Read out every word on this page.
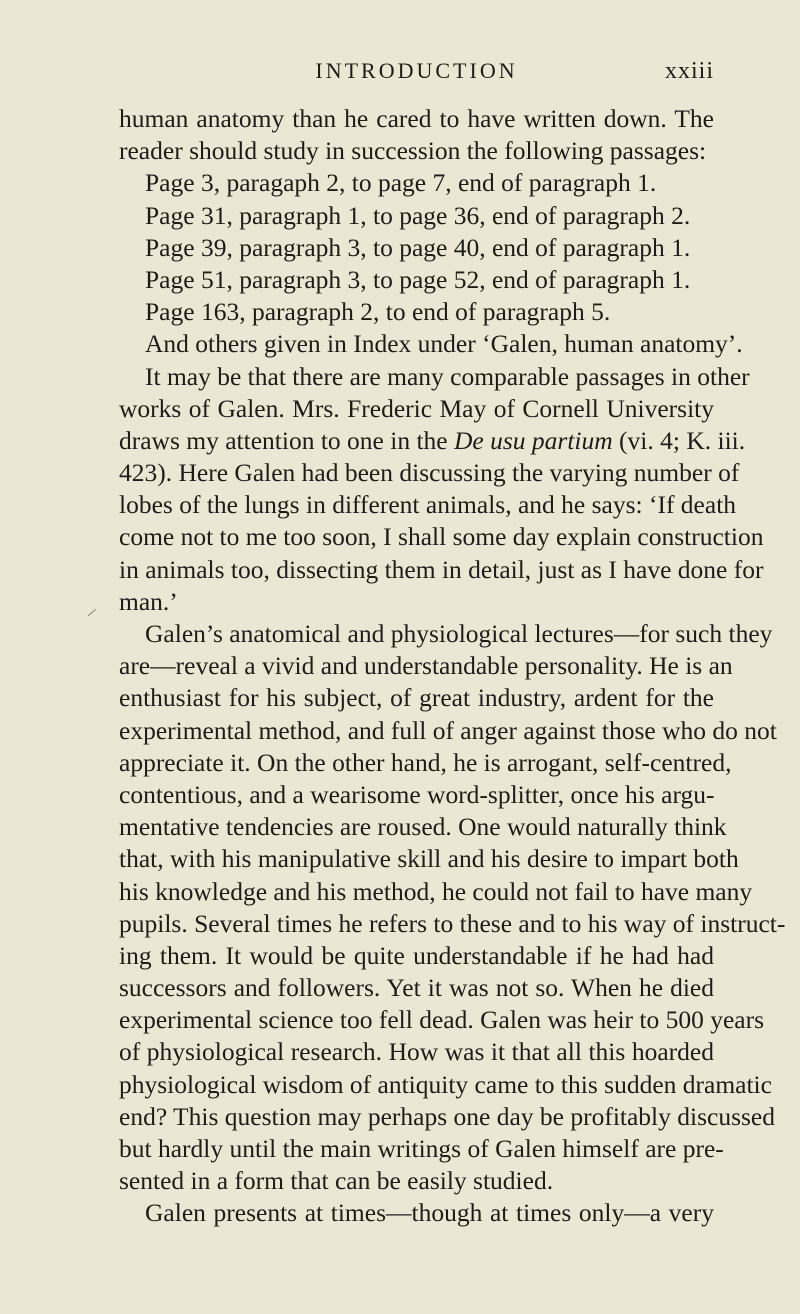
INTRODUCTION	xxiii
human anatomy than he cared to have written down. The
reader should study in succession the following passages:
Page 3, paragaph 2, to page 7, end of paragraph 1.
Page 31, paragraph 1, to page 36, end of paragraph 2.
Page 39, paragraph 3, to page 40, end of paragraph 1.
Page 51, paragraph 3, to page 52, end of paragraph 1.
Page 163, paragraph 2, to end of paragraph 5.
And others given in Index under ‘Galen, human anatomy’.
It may be that there are many comparable passages in other
works of Galen. Mrs. Frederic May of Cornell University
draws my attention to one in the De usu partium (vi. 4; K. iii.
423). Here Galen had been discussing the varying number of
lobes of the lungs in different animals, and he says: ‘If death
come not to me too soon, I shall some day explain construction
in animals too, dissecting them in detail, just as I have done for
man.’
Galen’s anatomical and physiological lectures—for such they
are—reveal a vivid and understandable personality. He is an
enthusiast for his subject, of great industry, ardent for the
experimental method, and full of anger against those who do not
appreciate it. On the other hand, he is arrogant, self-centred,
contentious, and a wearisome word-splitter, once his argu-
mentative tendencies are roused. One would naturally think
that, with his manipulative skill and his desire to impart both
his knowledge and his method, he could not fail to have many
pupils. Several times he refers to these and to his way of instruct-
ing them. It would be quite understandable if he had had
successors and followers. Yet it was not so. When he died
experimental science too fell dead. Galen was heir to 500 years
of physiological research. How was it that all this hoarded
physiological wisdom of antiquity came to this sudden dramatic
end? This question may perhaps one day be profitably discussed
but hardly until the main writings of Galen himself are pre-
sented in a form that can be easily studied.
Galen presents at times—though at times only—a very
